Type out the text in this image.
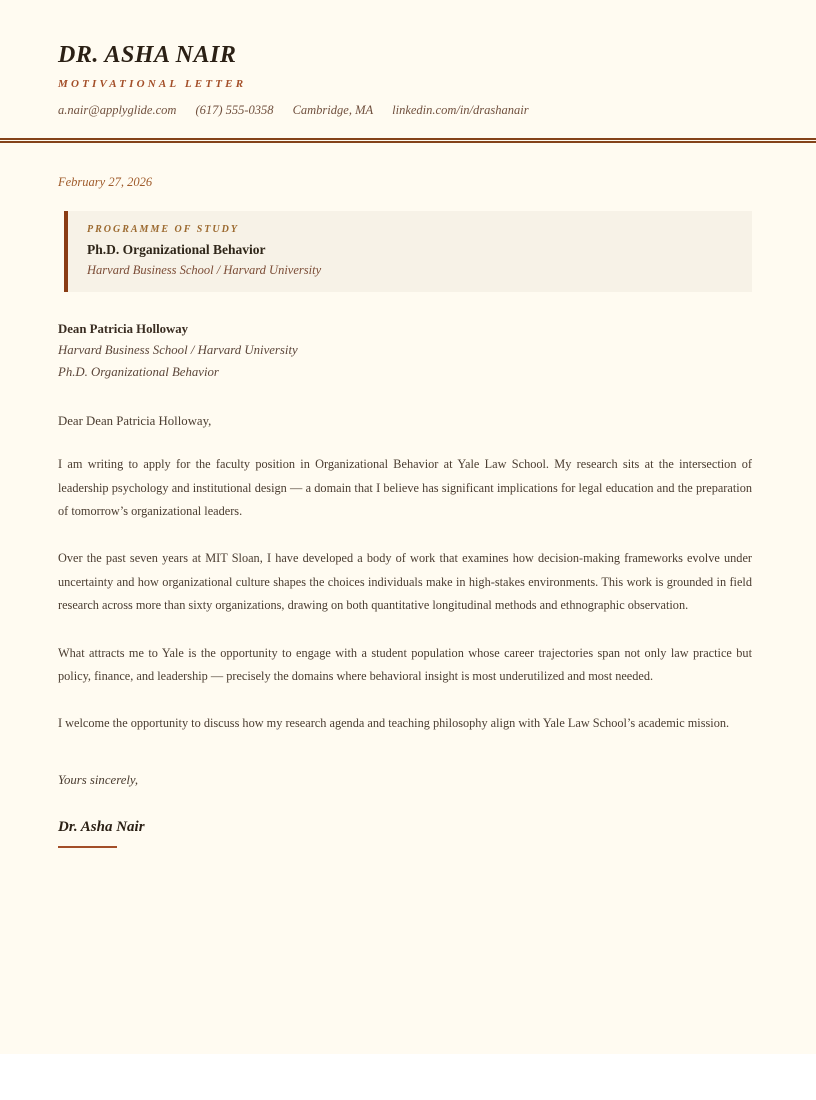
DR. ASHA NAIR
MOTIVATIONAL LETTER
a.nair@applyglide.com (617) 555-0358 Cambridge, MA linkedin.com/in/drashanair
February 27, 2026
PROGRAMME OF STUDY
Ph.D. Organizational Behavior
Harvard Business School / Harvard University
Dean Patricia Holloway
Harvard Business School / Harvard University
Ph.D. Organizational Behavior
Dear Dean Patricia Holloway,

I am writing to apply for the faculty position in Organizational Behavior at Yale Law School. My research sits at the intersection of leadership psychology and institutional design — a domain that I believe has significant implications for legal education and the preparation of tomorrow’s organizational leaders.

Over the past seven years at MIT Sloan, I have developed a body of work that examines how decision-making frameworks evolve under uncertainty and how organizational culture shapes the choices individuals make in high-stakes environments. This work is grounded in field research across more than sixty organizations, drawing on both quantitative longitudinal methods and ethnographic observation.

What attracts me to Yale is the opportunity to engage with a student population whose career trajectories span not only law practice but policy, finance, and leadership — precisely the domains where behavioral insight is most underutilized and most needed.

I welcome the opportunity to discuss how my research agenda and teaching philosophy align with Yale Law School’s academic mission.

Yours sincerely,
Dr. Asha Nair
